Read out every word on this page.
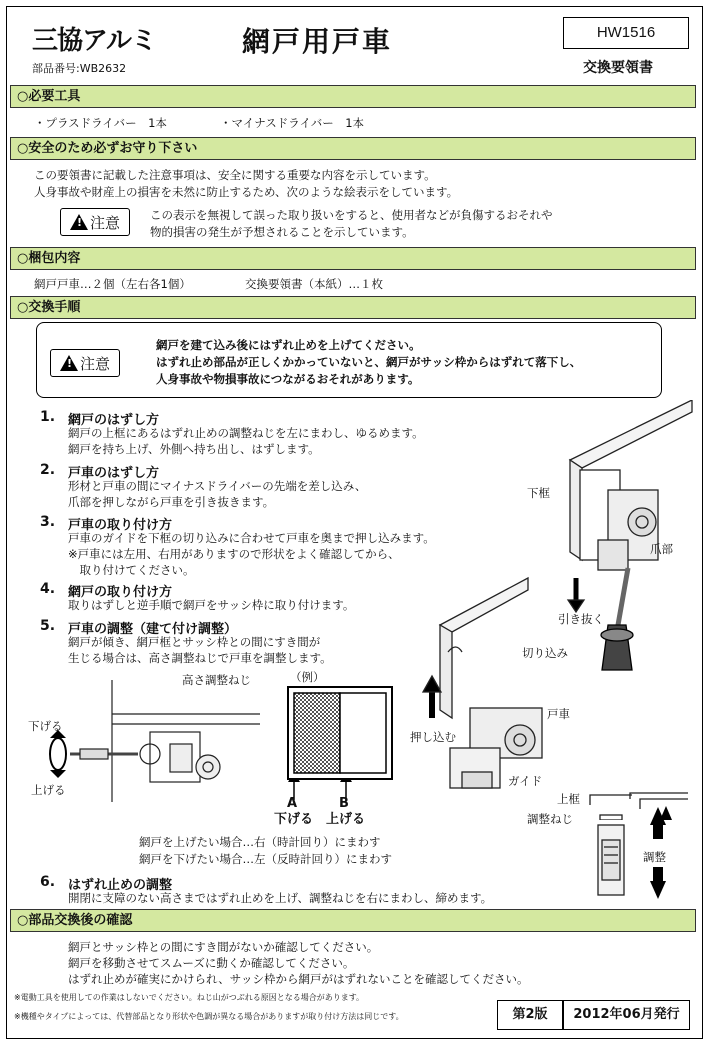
三協アルミ	網戸用戸車	HW1516
部品番号:WB2632	交換要領書
○必要工具
・プラスドライバー　1本	・マイナスドライバー　1本
○安全のため必ずお守り下さい
この要領書に記載した注意事項は、安全に関する重要な内容を示しています。
人身事故や財産上の損害を未然に防止するため、次のような絵表示をしています。
!
注意	この表示を無視して誤った取り扱いをすると、使用者などが負傷するおそれや
物的損害の発生が予想されることを示しています。
○梱包内容
網戸戸車…２個（左右各1個）	交換要領書（本紙）…１枚
○交換手順
!
注意
網戸を建て込み後にはずれ止めを上げてください。
はずれ止め部品が正しくかかっていないと、網戸がサッシ枠からはずれて落下し、
人身事故や物損事故につながるおそれがあります。
1. 網戸のはずし方
網戸の上框にあるはずれ止めの調整ねじを左にまわし、ゆるめます。
網戸を持ち上げ、外側へ持ち出し、はずします。
2. 戸車のはずし方
形材と戸車の間にマイナスドライバーの先端を差し込み、
爪部を押しながら戸車を引き抜きます。
3. 戸車の取り付け方
戸車のガイドを下框の切り込みに合わせて戸車を奥まで押し込みます。
※戸車には左用、右用がありますので形状をよく確認してから、
　取り付けてください。
4. 網戸の取り付け方
取りはずしと逆手順で網戸をサッシ枠に取り付けます。
5. 戸車の調整（建て付け調整）
網戸が傾き、網戸框とサッシ枠との間にすき間が
生じる場合は、高さ調整ねじで戸車を調整します。
下框
爪部
引き抜く
切り込み
戸車
押し込む
ガイド
上框
調整ねじ
調整
高さ調整ねじ
下げる
上げる
（例）
A	B
下げる 上げる
網戸を上げたい場合…右（時計回り）にまわす
網戸を下げたい場合…左（反時計回り）にまわす
6. はずれ止めの調整
開閉に支障のない高さまではずれ止めを上げ、調整ねじを右にまわし、締めます。
○部品交換後の確認
網戸とサッシ枠との間にすき間がないか確認してください。
網戸を移動させてスムーズに動くか確認してください。
はずれ止めが確実にかけられ、サッシ枠から網戸がはずれないことを確認してください。
※電動工具を使用しての作業はしないでください。ねじ山がつぶれる原因となる場合があります。
※機種やタイプによっては、代替部品となり形状や色調が異なる場合がありますが取り付け方法は同じです。	第2版	2012年06月発行
